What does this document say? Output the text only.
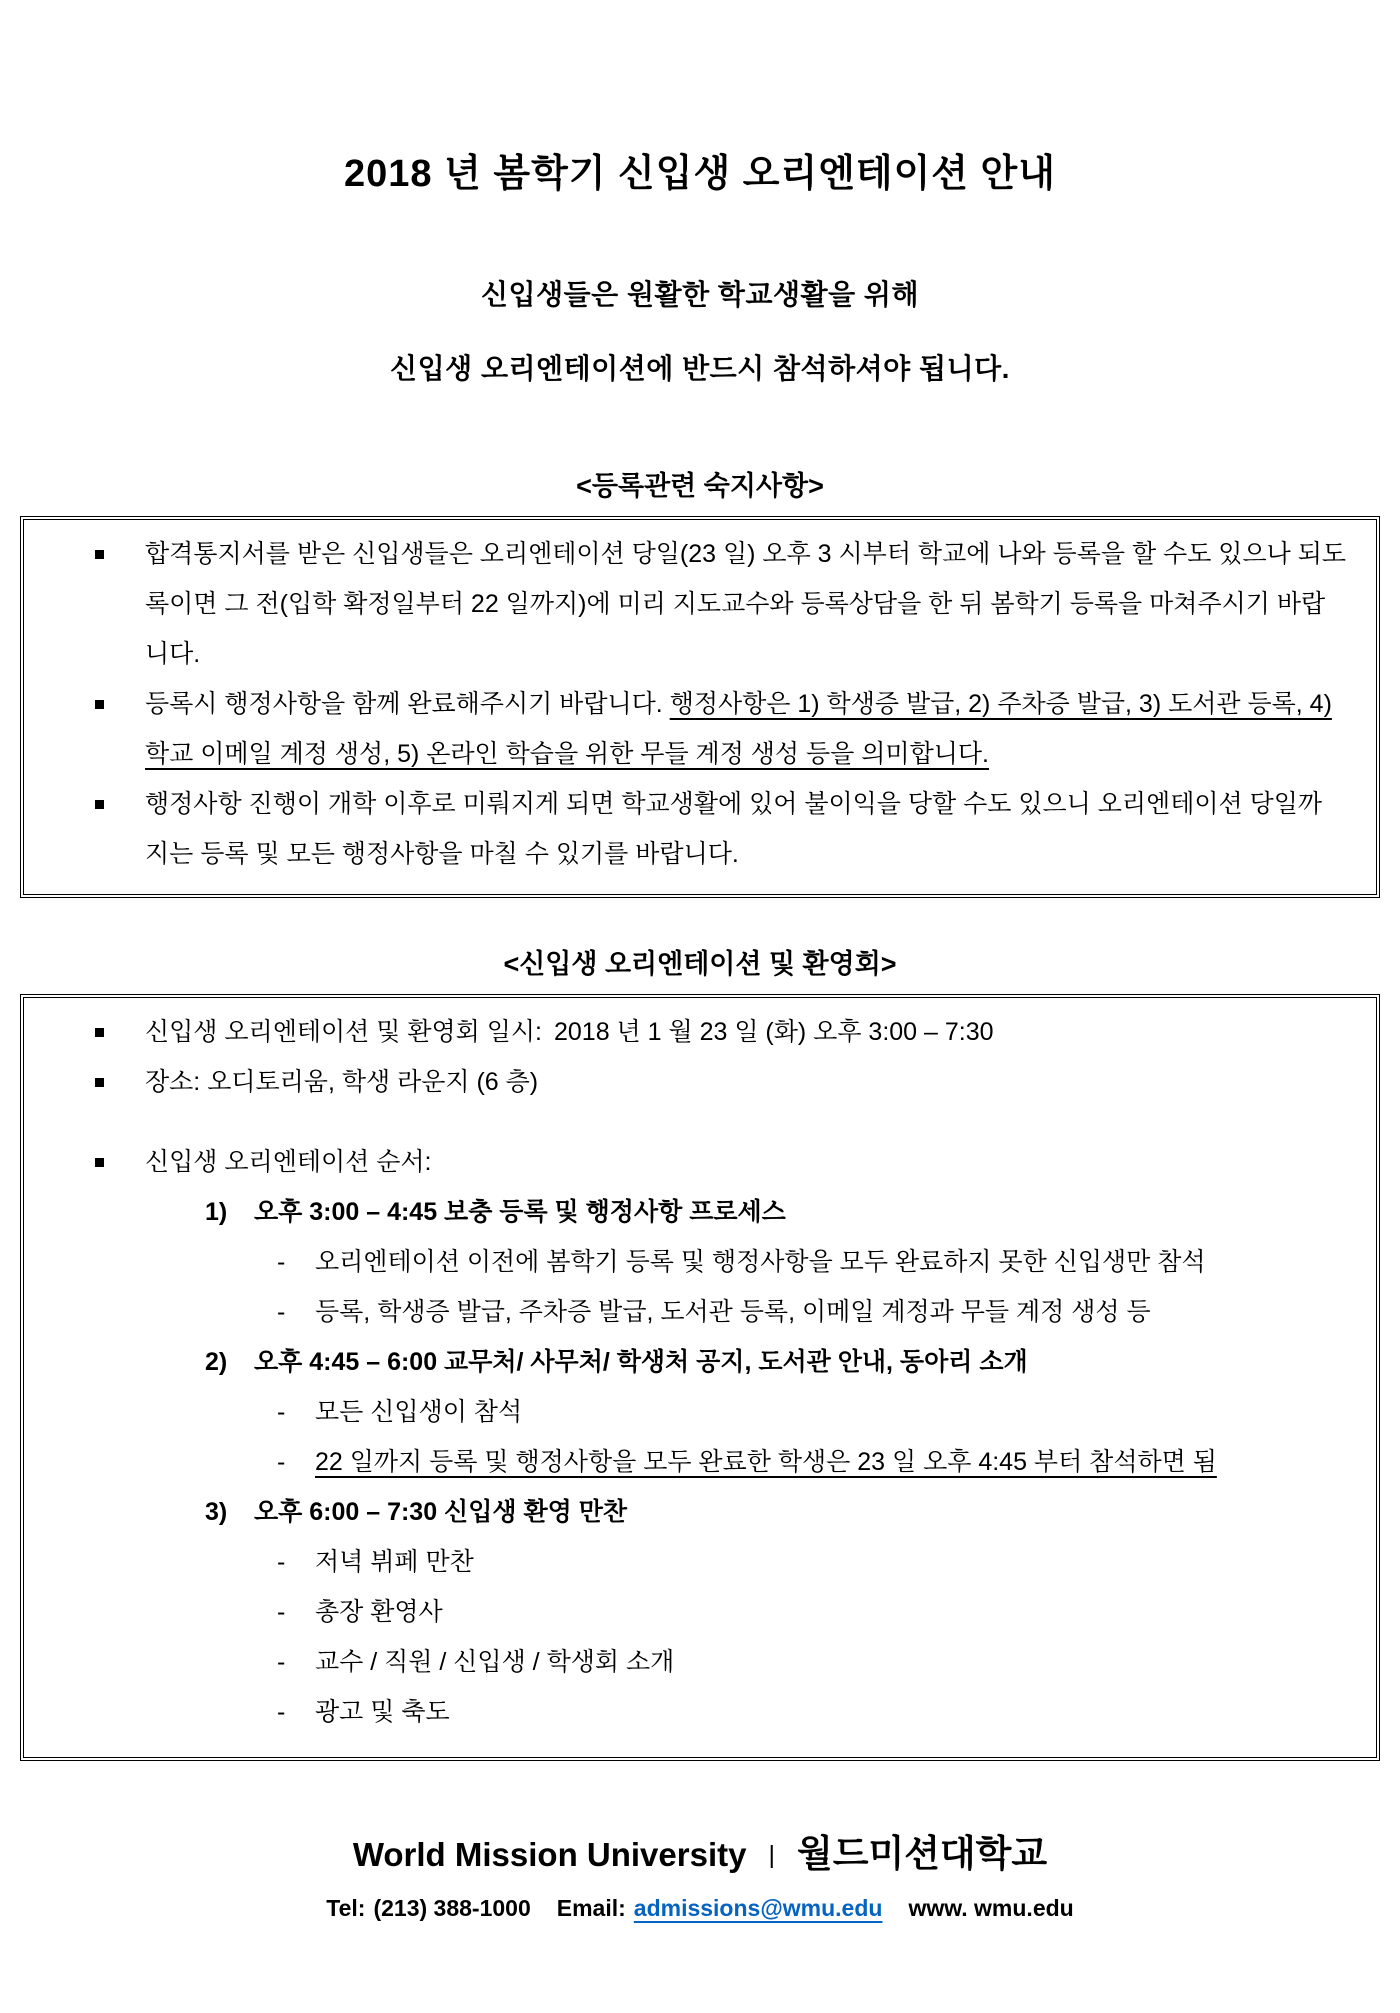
2018 년 봄학기 신입생 오리엔테이션 안내

신입생들은 원활한 학교생활을 위해

신입생 오리엔테이션에 반드시 참석하셔야 됩니다.

<등록관련 숙지사항>
합격통지서를 받은 신입생들은 오리엔테이션 당일(23 일) 오후 3 시부터 학교에 나와 등록을 할 수도 있으나 되도록이면 그 전(입학 확정일부터 22 일까지)에 미리 지도교수와 등록상담을 한 뒤 봄학기 등록을 마쳐주시기 바랍니다.
등록시 행정사항을 함께 완료해주시기 바랍니다. 행정사항은 1) 학생증 발급, 2) 주차증 발급, 3) 도서관 등록, 4) 학교 이메일 계정 생성, 5) 온라인 학습을 위한 무들 계정 생성 등을 의미합니다.
행정사항 진행이 개학 이후로 미뤄지게 되면 학교생활에 있어 불이익을 당할 수도 있으니 오리엔테이션 당일까지는 등록 및 모든 행정사항을 마칠 수 있기를 바랍니다.
<신입생 오리엔테이션 및 환영회>
신입생 오리엔테이션 및 환영회 일시: 2018 년 1 월 23 일 (화) 오후 3:00 – 7:30
장소: 오디토리움, 학생 라운지 (6 층)
신입생 오리엔테이션 순서:
1) 오후 3:00 – 4:45 보충 등록 및 행정사항 프로세스
- 오리엔테이션 이전에 봄학기 등록 및 행정사항을 모두 완료하지 못한 신입생만 참석
- 등록, 학생증 발급, 주차증 발급, 도서관 등록, 이메일 계정과 무들 계정 생성 등
2) 오후 4:45 – 6:00 교무처/ 사무처/ 학생처 공지, 도서관 안내, 동아리 소개
- 모든 신입생이 참석
- 22 일까지 등록 및 행정사항을 모두 완료한 학생은 23 일 오후 4:45 부터 참석하면 됨
3) 오후 6:00 – 7:30 신입생 환영 만찬
- 저녁 뷔페 만찬
- 총장 환영사
- 교수 / 직원 / 신입생 / 학생회 소개
- 광고 및 축도
World Mission University | 월드미션대학교
Tel: (213) 388-1000 Email: admissions@wmu.edu www. wmu.edu
